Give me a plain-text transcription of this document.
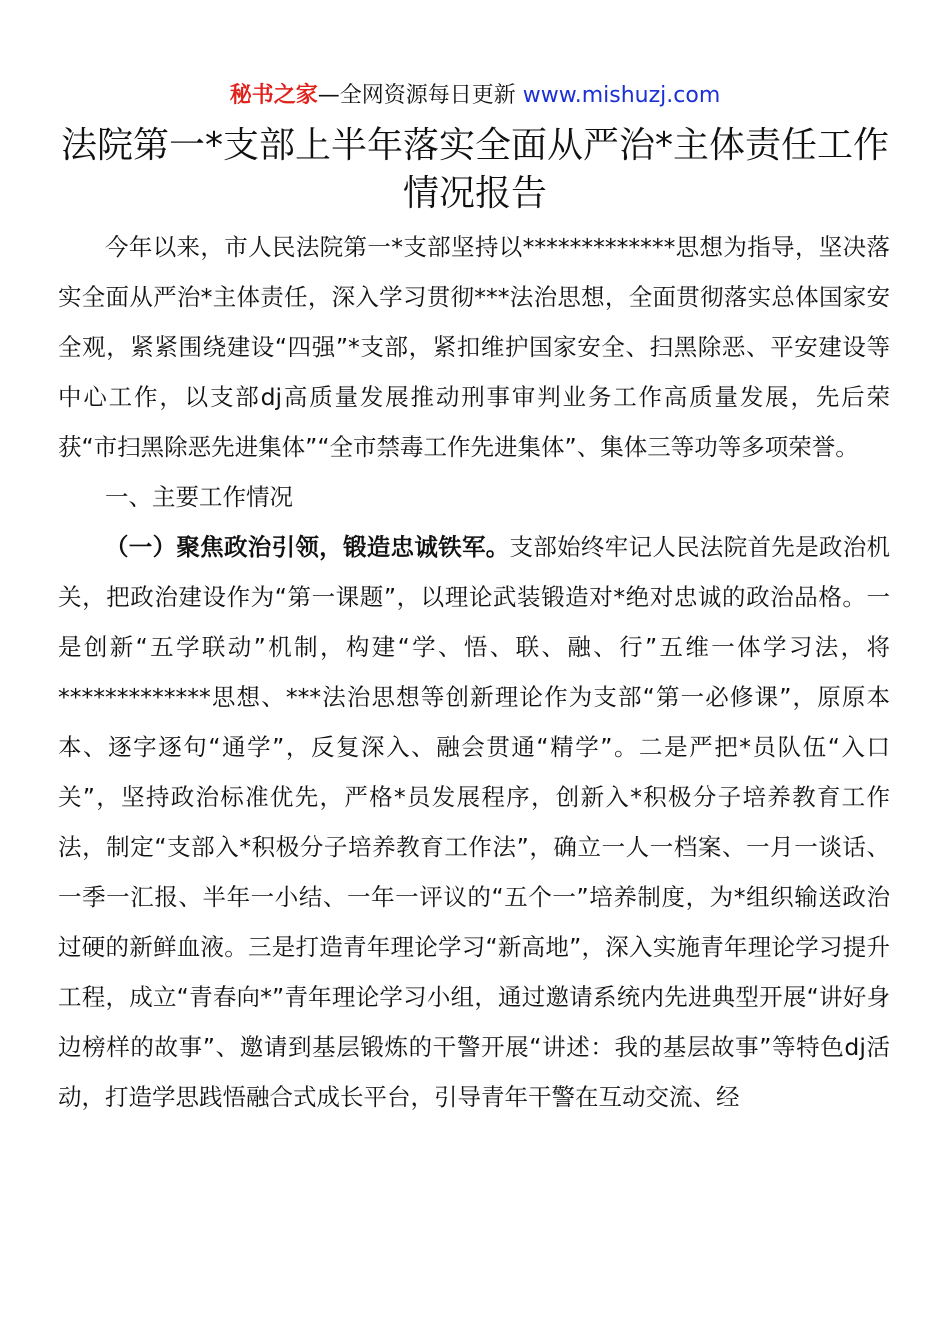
秘书之家—全网资源每日更新 www.mishuzj.com
法院第一*支部上半年落实全面从严治*主体责任工作情况报告

今年以来，市人民法院第一*支部坚持以*************思想为指导，坚决落实全面从严治*主体责任，深入学习贯彻***法治思想，全面贯彻落实总体国家安全观，紧紧围绕建设“四强”*支部，紧扣维护国家安全、扫黑除恶、平安建设等中心工作，以支部dj高质量发展推动刑事审判业务工作高质量发展，先后荣获“市扫黑除恶先进集体”“全市禁毒工作先进集体”、集体三等功等多项荣誉。

一、主要工作情况

（一）聚焦政治引领，锻造忠诚铁军。支部始终牢记人民法院首先是政治机关，把政治建设作为“第一课题”，以理论武装锻造对*绝对忠诚的政治品格。一是创新“五学联动”机制，构建“学、悟、联、融、行”五维一体学习法，将*************思想、***法治思想等创新理论作为支部“第一必修课”，原原本本、逐字逐句“通学”，反复深入、融会贯通“精学”。二是严把*员队伍“入口关”，坚持政治标准优先，严格*员发展程序，创新入*积极分子培养教育工作法，制定“支部入*积极分子培养教育工作法”，确立一人一档案、一月一谈话、一季一汇报、半年一小结、一年一评议的“五个一”培养制度，为*组织输送政治过硬的新鲜血液。三是打造青年理论学习“新高地”，深入实施青年理论学习提升工程，成立“青春向*”青年理论学习小组，通过邀请系统内先进典型开展“讲好身边榜样的故事”、邀请到基层锻炼的干警开展“讲述：我的基层故事”等特色dj活动，打造学思践悟融合式成长平台，引导青年干警在互动交流、经
